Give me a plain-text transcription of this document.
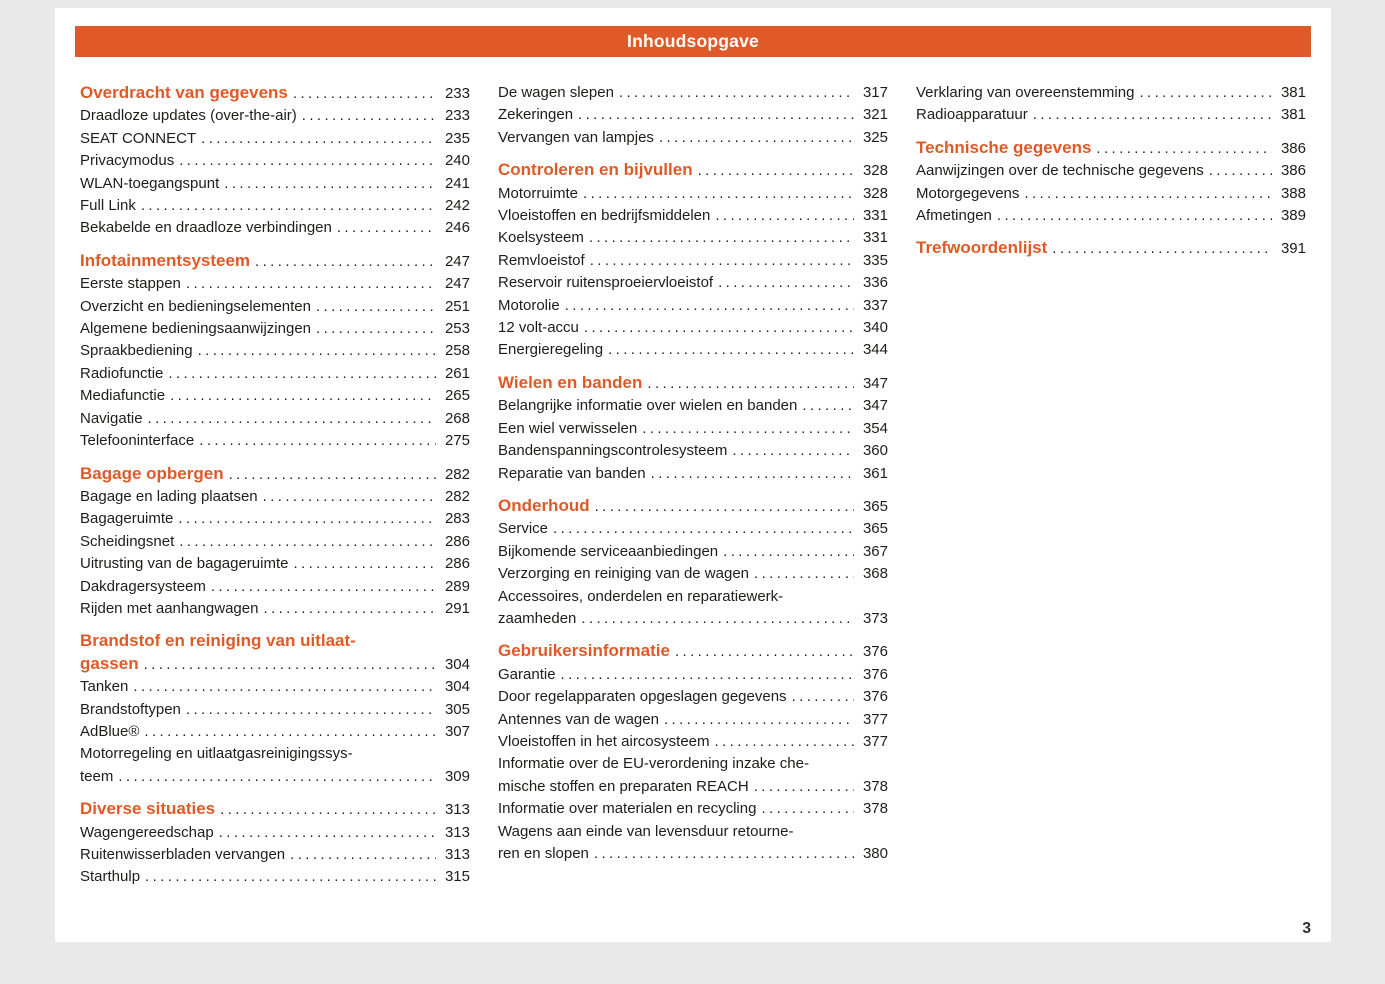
Inhoudsopgave
Overdracht van gegevens .....	233
Draadloze updates (over-the-air) .....	233
SEAT CONNECT .....	235
Privacymodus .....	240
WLAN-toegangspunt .....	241
Full Link .....	242
Bekabelde en draadloze verbindingen .....	246
Infotainmentsysteem .....	247
Eerste stappen .....	247
Overzicht en bedieningselementen .....	251
Algemene bedieningsaanwijzingen .....	253
Spraakbediening .....	258
Radiofunctie .....	261
Mediafunctie .....	265
Navigatie .....	268
Telefooninterface .....	275
Bagage opbergen .....	282
Bagage en lading plaatsen .....	282
Bagageruimte .....	283
Scheidingsnet .....	286
Uitrusting van de bagageruimte .....	286
Dakdragersysteem .....	289
Rijden met aanhangwagen .....	291
Brandstof en reiniging van uitlaat-
gassen .....	304
Tanken .....	304
Brandstoftypen .....	305
AdBlue® .....	307
Motorregeling en uitlaatgasreinigingssys-
teem .....	309
Diverse situaties .....	313
Wagengereedschap .....	313
Ruitenwisserbladen vervangen .....	313
Starthulp .....	315
De wagen slepen .....	317
Zekeringen .....	321
Vervangen van lampjes .....	325
Controleren en bijvullen .....	328
Motorruimte .....	328
Vloeistoffen en bedrijfsmiddelen .....	331
Koelsysteem .....	331
Remvloeistof .....	335
Reservoir ruitensproeiervloeistof .....	336
Motorolie .....	337
12 volt-accu .....	340
Energieregeling .....	344
Wielen en banden .....	347
Belangrijke informatie over wielen en banden .....	347
Een wiel verwisselen .....	354
Bandenspanningscontrolesysteem .....	360
Reparatie van banden .....	361
Onderhoud .....	365
Service .....	365
Bijkomende serviceaanbiedingen .....	367
Verzorging en reiniging van de wagen .....	368
Accessoires, onderdelen en reparatiewerk-
zaamheden .....	373
Gebruikersinformatie .....	376
Garantie .....	376
Door regelapparaten opgeslagen gegevens .....	376
Antennes van de wagen .....	377
Vloeistoffen in het aircosysteem .....	377
Informatie over de EU-verordening inzake che-
mische stoffen en preparaten REACH .....	378
Informatie over materialen en recycling .....	378
Wagens aan einde van levensduur retourne-
ren en slopen .....	380
Verklaring van overeenstemming .....	381
Radioapparatuur .....	381
Technische gegevens .....	386
Aanwijzingen over de technische gegevens .....	386
Motorgegevens .....	388
Afmetingen .....	389
Trefwoordenlijst .....	391
3
